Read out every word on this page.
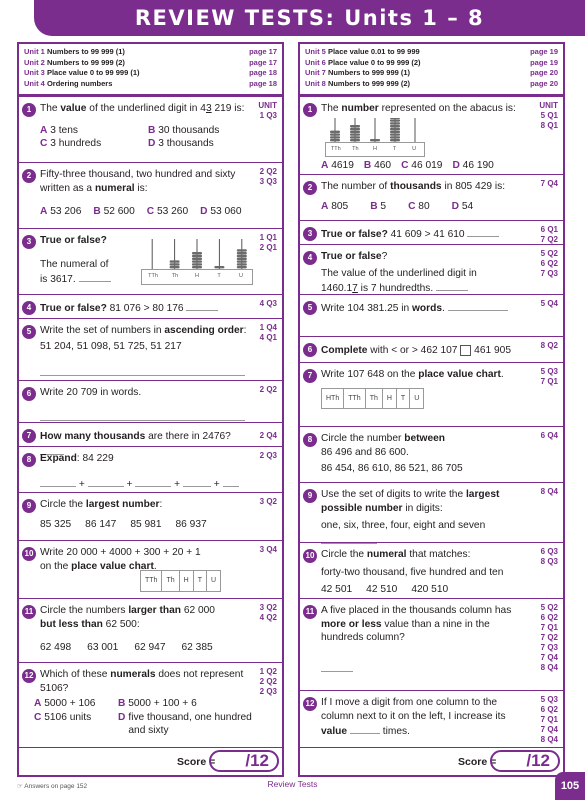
REVIEW TESTS: Units 1 – 8
Unit 1 Numbers to 99 999 (1)	page 17
Unit 2 Numbers to 99 999 (2)	page 17
Unit 3 Place value 0 to 99 999 (1)	page 18
Unit 4 Ordering numbers	page 18
1 The value of the underlined digit in 43 219 is:
A 3 tens	B 30 thousands
C 3 hundreds	D 3 thousands
UNIT
1 Q3
2 Fifty-three thousand, two hundred and sixty written as a numeral is:
A 53 206 B 52 600 C 53 260 D 53 060
2 Q2
3 Q3
3 True or false?
The numeral of
is 3617.	TTh	Th	H	T	U
1 Q1
2 Q1
4 True or false? 81 076 > 80 176	4 Q3
5 Write the set of numbers in ascending order:
51 204, 51 098, 51 725, 51 217
1 Q4
4 Q1
6 Write 20 709 in words.	2 Q2
7 How many thousands are there in 2476?	2 Q4
8 Expand: 84 229
+	+	+	+
2 Q3
9 Circle the largest number:
85 325 86 147 85 981 86 937
3 Q2
10 Write 20 000 + 4000 + 300 + 20 + 1
on the place value chart.
TTh	Th	H	T	U
3 Q4
11 Circle the numbers larger than 62 000
but less than 62 500:
62 498 63 001 62 947 62 385
3 Q2
4 Q2
12 Which of these numerals does not represent 5106?
A 5000 + 106	B 5000 + 100 + 6
C 5106 units	D five thousand, one hundred and sixty
1 Q2
2 Q2
2 Q3
Score =	/12
Unit 5 Place value 0.01 to 99 999	page 19
Unit 6 Place value 0 to 99 999 (2)	page 19
Unit 7 Numbers to 999 999 (1)	page 20
Unit 8 Numbers to 999 999 (2)	page 20
1 The number represented on the abacus is:
TTh	Th	H	T	U
A 4619 B 460 C 46 019 D 46 190
UNIT
5 Q1
8 Q1
2 The number of thousands in 805 429 is:
A 805 B 5 C 80 D 54
7 Q4
3 True or false? 41 609 > 41 610	6 Q1
7 Q2
4 True or false?
The value of the underlined digit in
1460.17 is 7 hundredths.
5 Q2
6 Q2
7 Q3
5 Write 104 381.25 in words.	5 Q4
6 Complete with < or > 462 107 461 905	8 Q2
7 Write 107 648 on the place value chart.
HTh	TTh	Th	H	T	U
5 Q3
7 Q1
8 Circle the number between
86 496 and 86 600.
86 454, 86 610, 86 521, 86 705
6 Q4
9 Use the set of digits to write the largest possible number in digits:
one, six, three, four, eight and seven
8 Q4
10 Circle the numeral that matches:
forty-two thousand, five hundred and ten
42 501 42 510 420 510
6 Q3
8 Q3
11 A five placed in the thousands column has more or less value than a nine in the hundreds column?
5 Q2
6 Q2
7 Q1
7 Q2
7 Q3
7 Q4
8 Q4
12 If I move a digit from one column to the column next to it on the left, I increase its value	times.
5 Q3
6 Q2
7 Q1
7 Q4
8 Q4
Score =	/12
☞ Answers on page 152	Review Tests	105
